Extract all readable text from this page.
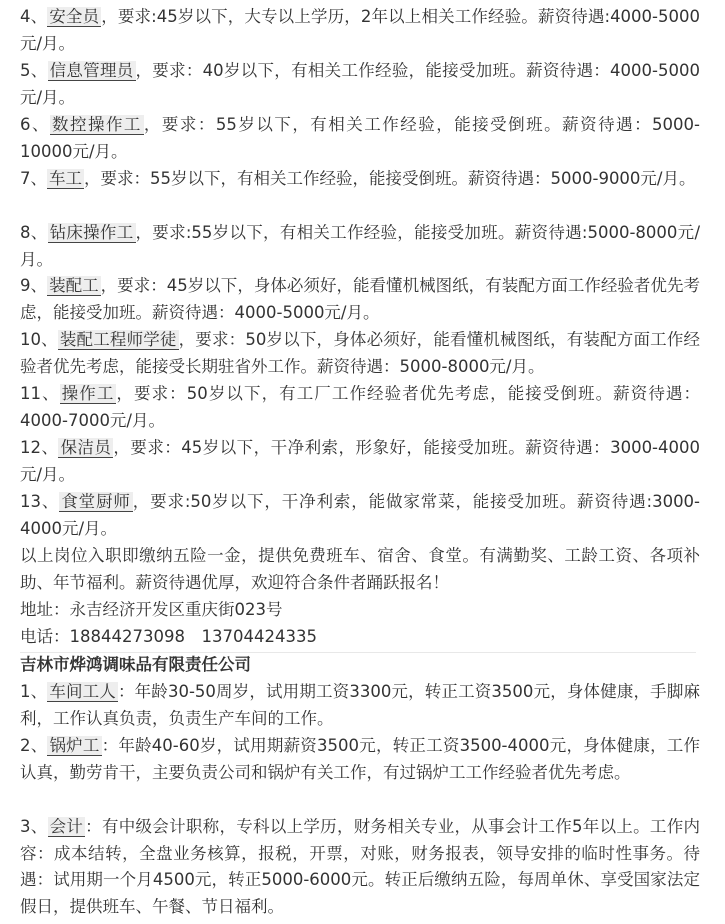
4、 安全员 ，要求:45岁以下，大专以上学历，2年以上相关工作经验。薪资待遇:4000-5000元/月。
5、 信息管理员 ，要求：40岁以下，有相关工作经验，能接受加班。薪资待遇：4000-5000元/月。
6、 数控操作工 ，要求：55岁以下，有相关工作经验，能接受倒班。薪资待遇：5000-10000元/月。
7、 车工 ，要求：55岁以下，有相关工作经验，能接受倒班。薪资待遇：5000-9000元/月。
8、 钻床操作工 ，要求:55岁以下，有相关工作经验，能接受加班。薪资待遇:5000-8000元/月。
9、 装配工 ，要求：45岁以下，身体必须好，能看懂机械图纸，有装配方面工作经验者优先考虑，能接受加班。薪资待遇：4000-5000元/月。
10、 装配工程师学徒 ，要求：50岁以下，身体必须好，能看懂机械图纸，有装配方面工作经验者优先考虑，能接受长期驻省外工作。薪资待遇：5000-8000元/月。
11、 操作工 ，要求：50岁以下，有工厂工作经验者优先考虑，能接受倒班。薪资待遇：4000-7000元/月。
12、 保洁员 ，要求：45岁以下，干净利索，形象好，能接受加班。薪资待遇：3000-4000元/月。
13、 食堂厨师 ，要求:50岁以下，干净利索，能做家常菜，能接受加班。薪资待遇:3000-4000元/月。
以上岗位入职即缴纳五险一金，提供免费班车、宿舍、食堂。有满勤奖、工龄工资、各项补助、年节福利。薪资待遇优厚，欢迎符合条件者踊跃报名！
地址：永吉经济开发区重庆街023号
电话：18844273098　13704424335
吉林市烨鸿调味品有限责任公司
1、 车间工人 ：年龄30-50周岁，试用期工资3300元，转正工资3500元，身体健康，手脚麻利，工作认真负责，负责生产车间的工作。
2、 锅炉工 ：年龄40-60岁，试用期薪资3500元，转正工资3500-4000元，身体健康，工作认真，勤劳肯干，主要负责公司和锅炉有关工作，有过锅炉工工作经验者优先考虑。
3、 会计 ：有中级会计职称，专科以上学历，财务相关专业，从事会计工作5年以上。工作内容：成本结转，全盘业务核算，报税，开票，对账，财务报表，领导安排的临时性事务。待遇：试用期一个月4500元，转正5000-6000元。转正后缴纳五险，每周单休、享受国家法定假日，提供班车、午餐、节日福利。
